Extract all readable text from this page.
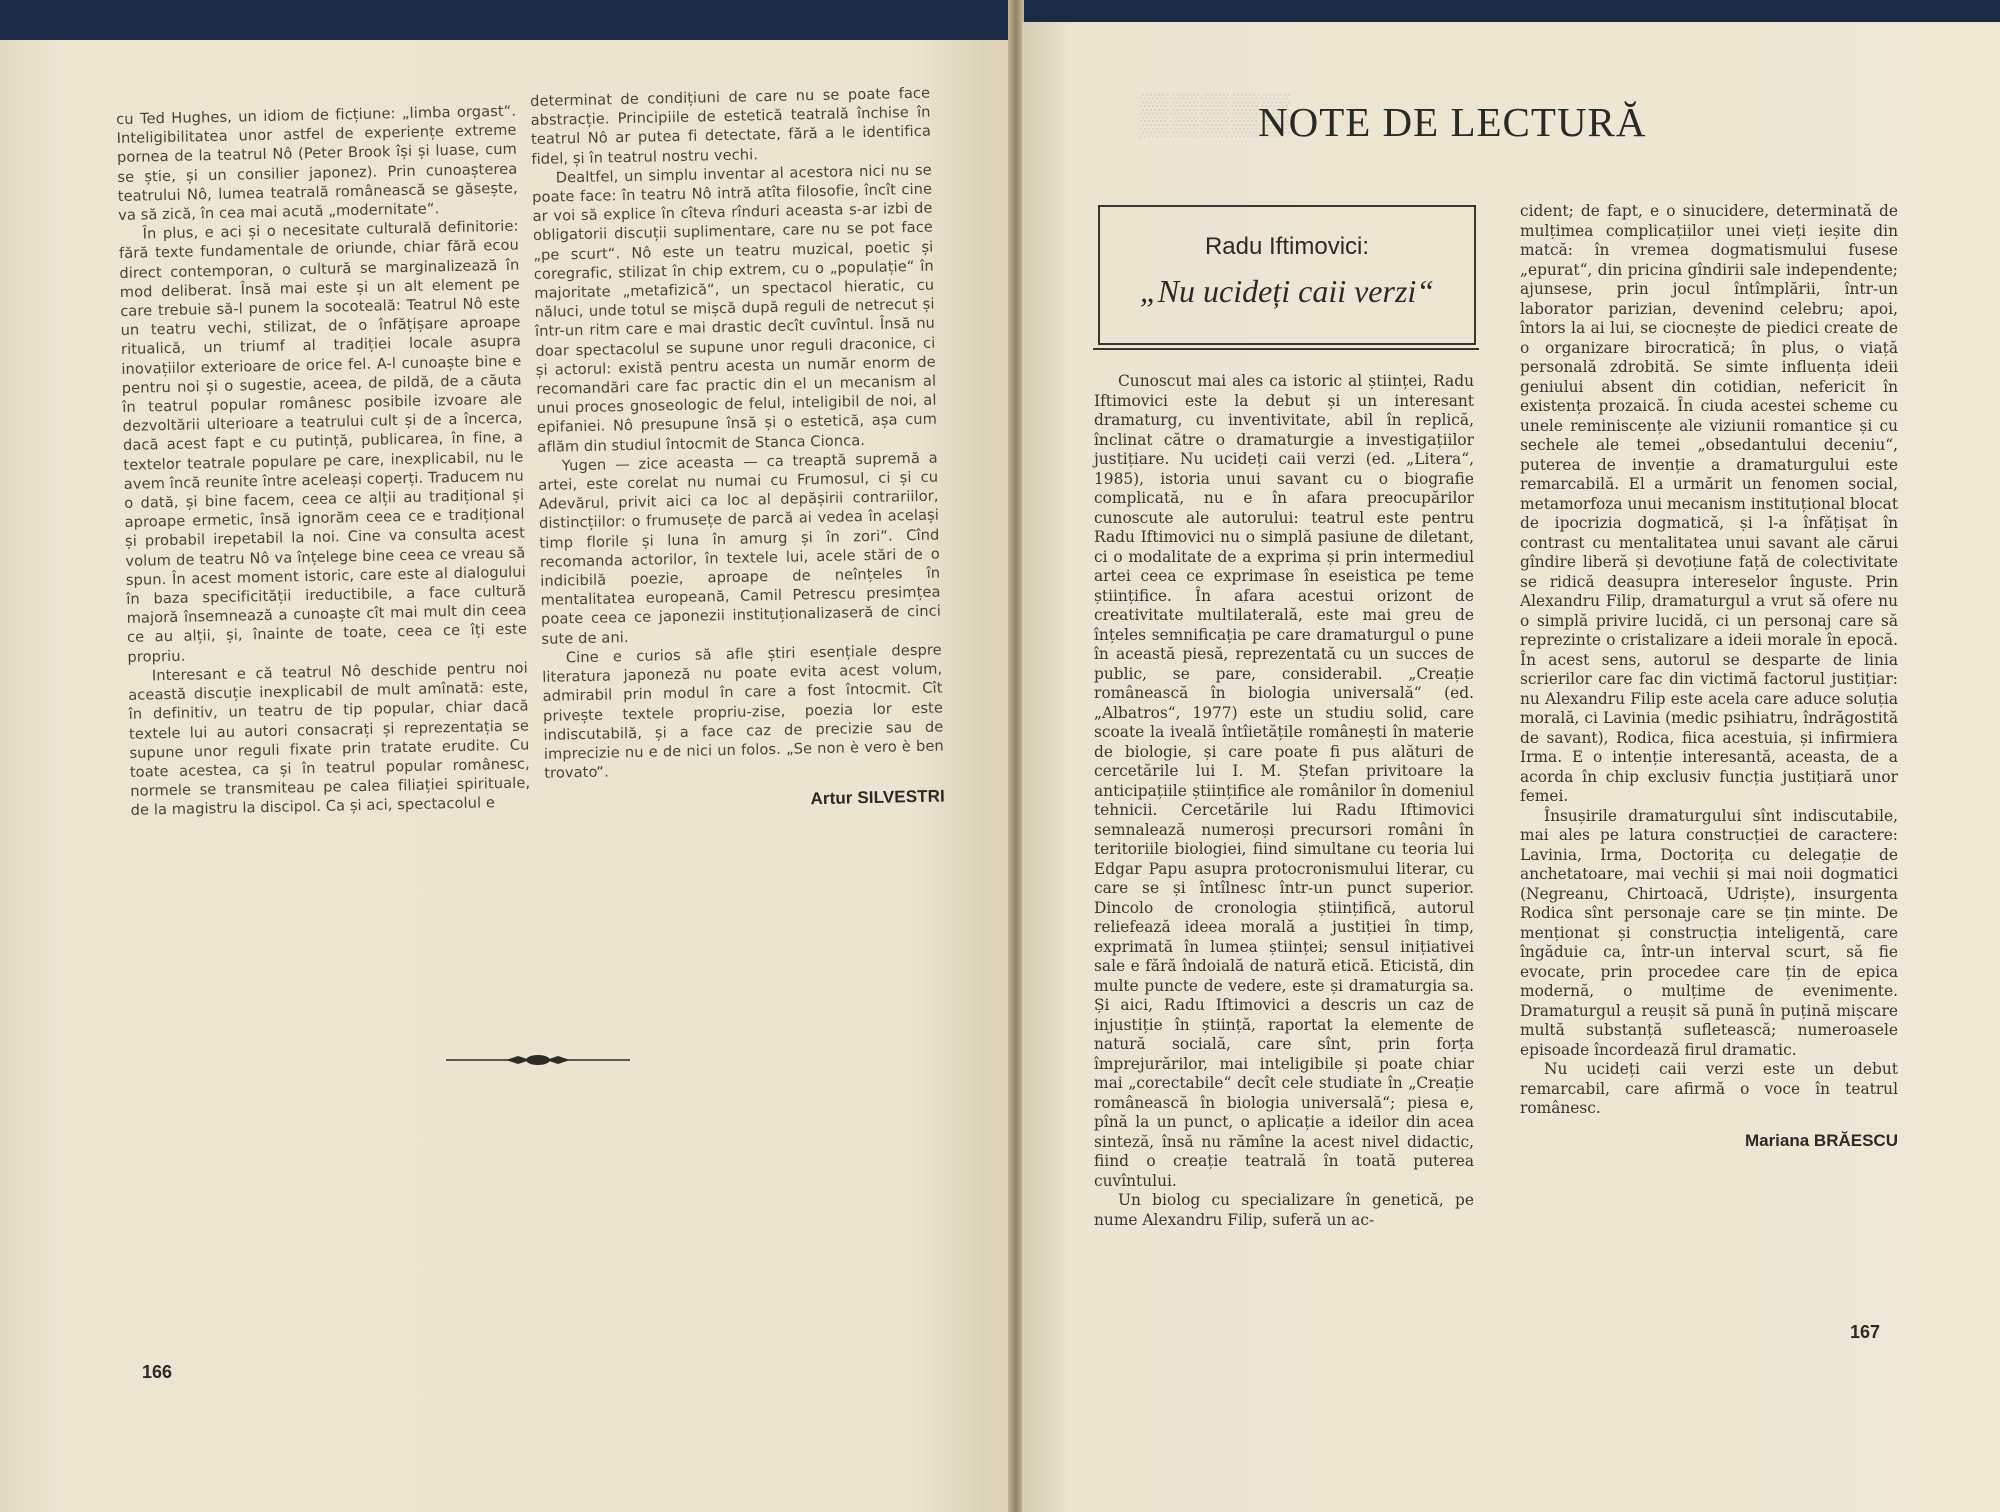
cu Ted Hughes, un idiom de ficțiune: „limba orgast“. Inteligibilitatea unor astfel de experiențe extreme pornea de la teatrul Nô (Peter Brook își și luase, cum se știe, și un consilier japonez). Prin cunoașterea teatrului Nô, lumea teatrală românească se găsește, va să zică, în cea mai acută „modernitate“.

În plus, e aci și o necesitate culturală definitorie: fără texte fundamentale de oriunde, chiar fără ecou direct contemporan, o cultură se marginalizează în mod deliberat. Însă mai este și un alt element pe care trebuie să-l punem la socoteală: Teatrul Nô este un teatru vechi, stilizat, de o înfățișare aproape ritualică, un triumf al tradiției locale asupra inovațiilor exterioare de orice fel. A-l cunoaște bine e pentru noi și o sugestie, aceea, de pildă, de a căuta în teatrul popular românesc posibile izvoare ale dezvoltării ulterioare a teatrului cult și de a încerca, dacă acest fapt e cu putință, publicarea, în fine, a textelor teatrale populare pe care, inexplicabil, nu le avem încă reunite între aceleași coperți. Traducem nu o dată, și bine facem, ceea ce alții au tradițional și aproape ermetic, însă ignorăm ceea ce e tradițional și probabil irepetabil la noi. Cine va consulta acest volum de teatru Nô va înțelege bine ceea ce vreau să spun. În acest moment istoric, care este al dialogului în baza specificității ireductibile, a face cultură majoră însemnează a cunoaște cît mai mult din ceea ce au alții, și, înainte de toate, ceea ce îți este propriu.

Interesant e că teatrul Nô deschide pentru noi această discuție inexplicabil de mult amînată: este, în definitiv, un teatru de tip popular, chiar dacă textele lui au autori consacrați și reprezentația se supune unor reguli fixate prin tratate erudite. Cu toate acestea, ca și în teatrul popular românesc, normele se transmiteau pe calea filiației spirituale, de la magistru la discipol. Ca și aci, spectacolul e

determinat de condițiuni de care nu se poate face abstracție. Principiile de estetică teatrală închise în teatrul Nô ar putea fi detectate, fără a le identifica fidel, și în teatrul nostru vechi.

Dealtfel, un simplu inventar al acestora nici nu se poate face: în teatru Nô intră atîta filosofie, încît cine ar voi să explice în cîteva rînduri aceasta s-ar izbi de obligatorii discuții suplimentare, care nu se pot face „pe scurt“. Nô este un teatru muzical, poetic și coregrafic, stilizat în chip extrem, cu o „populație“ în majoritate „metafizică“, un spectacol hieratic, cu năluci, unde totul se mișcă după reguli de netrecut și într-un ritm care e mai drastic decît cuvîntul. Însă nu doar spectacolul se supune unor reguli draconice, ci și actorul: există pentru acesta un număr enorm de recomandări care fac practic din el un mecanism al unui proces gnoseologic de felul, inteligibil de noi, al epifaniei. Nô presupune însă și o estetică, așa cum aflăm din studiul întocmit de Stanca Cionca.

Yugen — zice aceasta — ca treaptă supremă a artei, este corelat nu numai cu Frumosul, ci și cu Adevărul, privit aici ca loc al depășirii contrariilor, distincțiilor: o frumusețe de parcă ai vedea în același timp florile și luna în amurg și în zori“. Cînd recomanda actorilor, în textele lui, acele stări de o indicibilă poezie, aproape de neînțeles în mentalitatea europeană, Camil Petrescu presimțea poate ceea ce japonezii instituționalizaseră de cinci sute de ani.

Cine e curios să afle știri esențiale despre literatura japoneză nu poate evita acest volum, admirabil prin modul în care a fost întocmit. Cît privește textele propriu-zise, poezia lor este indiscutabilă, și a face caz de precizie sau de imprecizie nu e de nici un folos. „Se non è vero è ben trovato“.

Artur SILVESTRI
166
▒▒▒▒▒
NOTE DE LECTURĂ
Radu Iftimovici:
„Nu ucideți caii verzi“

Cunoscut mai ales ca istoric al științei, Radu Iftimovici este la debut și un interesant dramaturg, cu inventivitate, abil în replică, înclinat către o dramaturgie a investigațiilor justițiare. Nu ucideți caii verzi (ed. „Litera“, 1985), istoria unui savant cu o biografie complicată, nu e în afara preocupărilor cunoscute ale autorului: teatrul este pentru Radu Iftimovici nu o simplă pasiune de diletant, ci o modalitate de a exprima și prin intermediul artei ceea ce exprimase în eseistica pe teme științifice. În afara acestui orizont de creativitate multilaterală, este mai greu de înțeles semnificația pe care dramaturgul o pune în această piesă, reprezentată cu un succes de public, se pare, considerabil. „Creație românească în biologia universală“ (ed. „Albatros“, 1977) este un studiu solid, care scoate la iveală întîietățile românești în materie de biologie, și care poate fi pus alături de cercetările lui I. M. Ștefan privitoare la anticipațiile științifice ale românilor în domeniul tehnicii. Cercetările lui Radu Iftimovici semnalează numeroși precursori români în teritoriile biologiei, fiind simultane cu teoria lui Edgar Papu asupra protocronismului literar, cu care se și întîlnesc într-un punct superior. Dincolo de cronologia științifică, autorul reliefează ideea morală a justiției în timp, exprimată în lumea științei; sensul inițiativei sale e fără îndoială de natură etică. Eticistă, din multe puncte de vedere, este și dramaturgia sa. Și aici, Radu Iftimovici a descris un caz de injustiție în știință, raportat la elemente de natură socială, care sînt, prin forța împrejurărilor, mai inteligibile și poate chiar mai „corectabile“ decît cele studiate în „Creație românească în biologia universală“; piesa e, pînă la un punct, o aplicație a ideilor din acea sinteză, însă nu rămîne la acest nivel didactic, fiind o creație teatrală în toată puterea cuvîntului.

Un biolog cu specializare în genetică, pe nume Alexandru Filip, suferă un ac-

cident; de fapt, e o sinucidere, determinată de mulțimea complicațiilor unei vieți ieșite din matcă: în vremea dogmatismului fusese „epurat“, din pricina gîndirii sale independente; ajunsese, prin jocul întîmplării, într-un laborator parizian, devenind celebru; apoi, întors la ai lui, se ciocnește de piedici create de o organizare birocratică; în plus, o viață personală zdrobită. Se simte influența ideii geniului absent din cotidian, nefericit în existența prozaică. În ciuda acestei scheme cu unele reminiscențe ale viziunii romantice și cu sechele ale temei „obsedantului deceniu“, puterea de invenție a dramaturgului este remarcabilă. El a urmărit un fenomen social, metamorfoza unui mecanism instituțional blocat de ipocrizia dogmatică, și l-a înfățișat în contrast cu mentalitatea unui savant ale cărui gîndire liberă și devoțiune față de colectivitate se ridică deasupra intereselor înguste. Prin Alexandru Filip, dramaturgul a vrut să ofere nu o simplă privire lucidă, ci un personaj care să reprezinte o cristalizare a ideii morale în epocă. În acest sens, autorul se desparte de linia scrierilor care fac din victimă factorul justițiar: nu Alexandru Filip este acela care aduce soluția morală, ci Lavinia (medic psihiatru, îndrăgostită de savant), Rodica, fiica acestuia, și infirmiera Irma. E o intenție interesantă, aceasta, de a acorda în chip exclusiv funcția justițiară unor femei.

Însușirile dramaturgului sînt indiscutabile, mai ales pe latura construcției de caractere: Lavinia, Irma, Doctorița cu delegație de anchetatoare, mai vechii și mai noii dogmatici (Negreanu, Chirtoacă, Udriște), insurgenta Rodica sînt personaje care se țin minte. De menționat și construcția inteligentă, care îngăduie ca, într-un interval scurt, să fie evocate, prin procedee care țin de epica modernă, o mulțime de evenimente. Dramaturgul a reușit să pună în puțină mișcare multă substanță sufletească; numeroasele episoade încordează firul dramatic.

Nu ucideți caii verzi este un debut remarcabil, care afirmă o voce în teatrul românesc.

Mariana BRĂESCU
167
